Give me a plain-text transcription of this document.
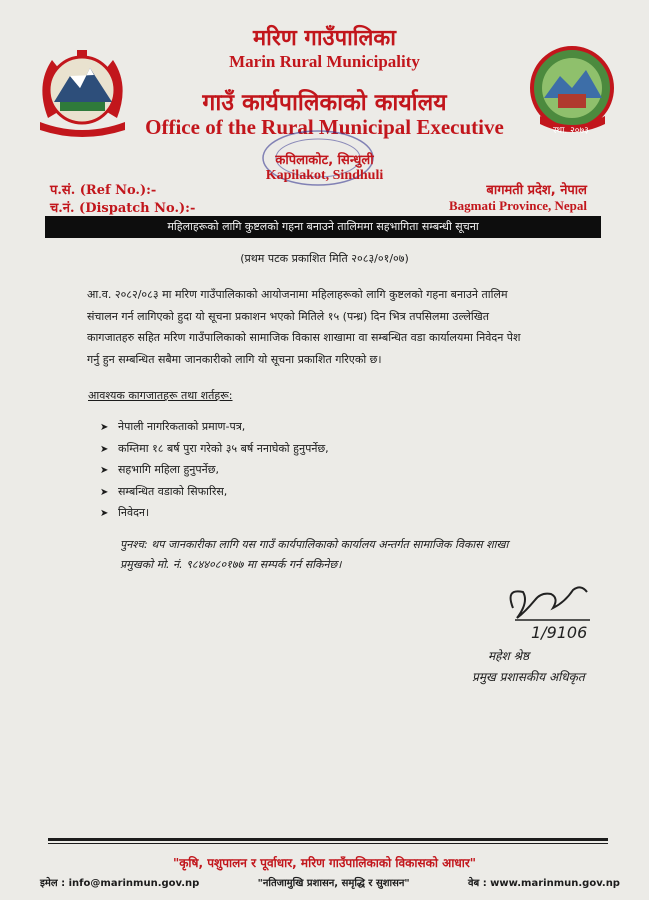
स्था. २०७३
मरिण गाउँपालिका
Marin Rural Municipality
गाउँ कार्यपालिकाको कार्यालय
Office of the Rural Municipal Executive
कपिलाकोट, सिन्धुली
Kapilakot, Sindhuli
प.सं. (Ref No.):-
च.नं. (Dispatch No.):-
बागमती प्रदेश, नेपाल
Bagmati Province, Nepal
महिलाहरूको लागि कुष्टलको गहना बनाउने तालिममा सहभागिता सम्बन्धी सूचना
(प्रथम पटक प्रकाशित मिति २०८३/०१/०७)
आ.व. २०८२/०८३ मा मरिण गाउँपालिकाको आयोजनामा महिलाहरूको लागि कुष्टलको गहना बनाउने तालिम
संचालन गर्न लागिएको हुदा यो सूचना प्रकाशन भएको मितिले १५ (पन्ध्र) दिन भित्र तपसिलमा उल्लेखित
कागजातहरु सहित मरिण गाउँपालिकाको सामाजिक विकास शाखामा वा सम्बन्धित वडा कार्यालयमा निवेदन पेश
गर्नु हुन सम्बन्धित सबैमा जानकारीको लागि यो सूचना प्रकाशित गरिएको छ।
आवश्यक कागजातहरू तथा शर्तहरू:
➤ नेपाली नागरिकताको प्रमाण-पत्र,
➤ कम्तिमा १८ बर्ष पुरा गरेको ३५ बर्ष ननाघेको हुनुपर्नेछ,
➤ सहभागि महिला हुनुपर्नेछ,
➤ सम्बन्धित वडाको सिफारिस,
➤ निवेदन।
पुनश्च: थप जानकारीका लागि यस गाउँ कार्यपालिकाको कार्यालय अन्तर्गत सामाजिक विकास शाखा
प्रमुखको मो. नं. ९८४४०८०१७७ मा सम्पर्क गर्न सकिनेछ।
1/9106
महेश श्रेष्ठ
प्रमुख प्रशासकीय अधिकृत
"कृषि, पशुपालन र पूर्वाधार, मरिण गाउँपालिकाको विकासको आधार"
इमेल : info@marinmun.gov.np	"नतिजामुखि प्रशासन, समृद्धि र सुशासन"	वेब : www.marinmun.gov.np
